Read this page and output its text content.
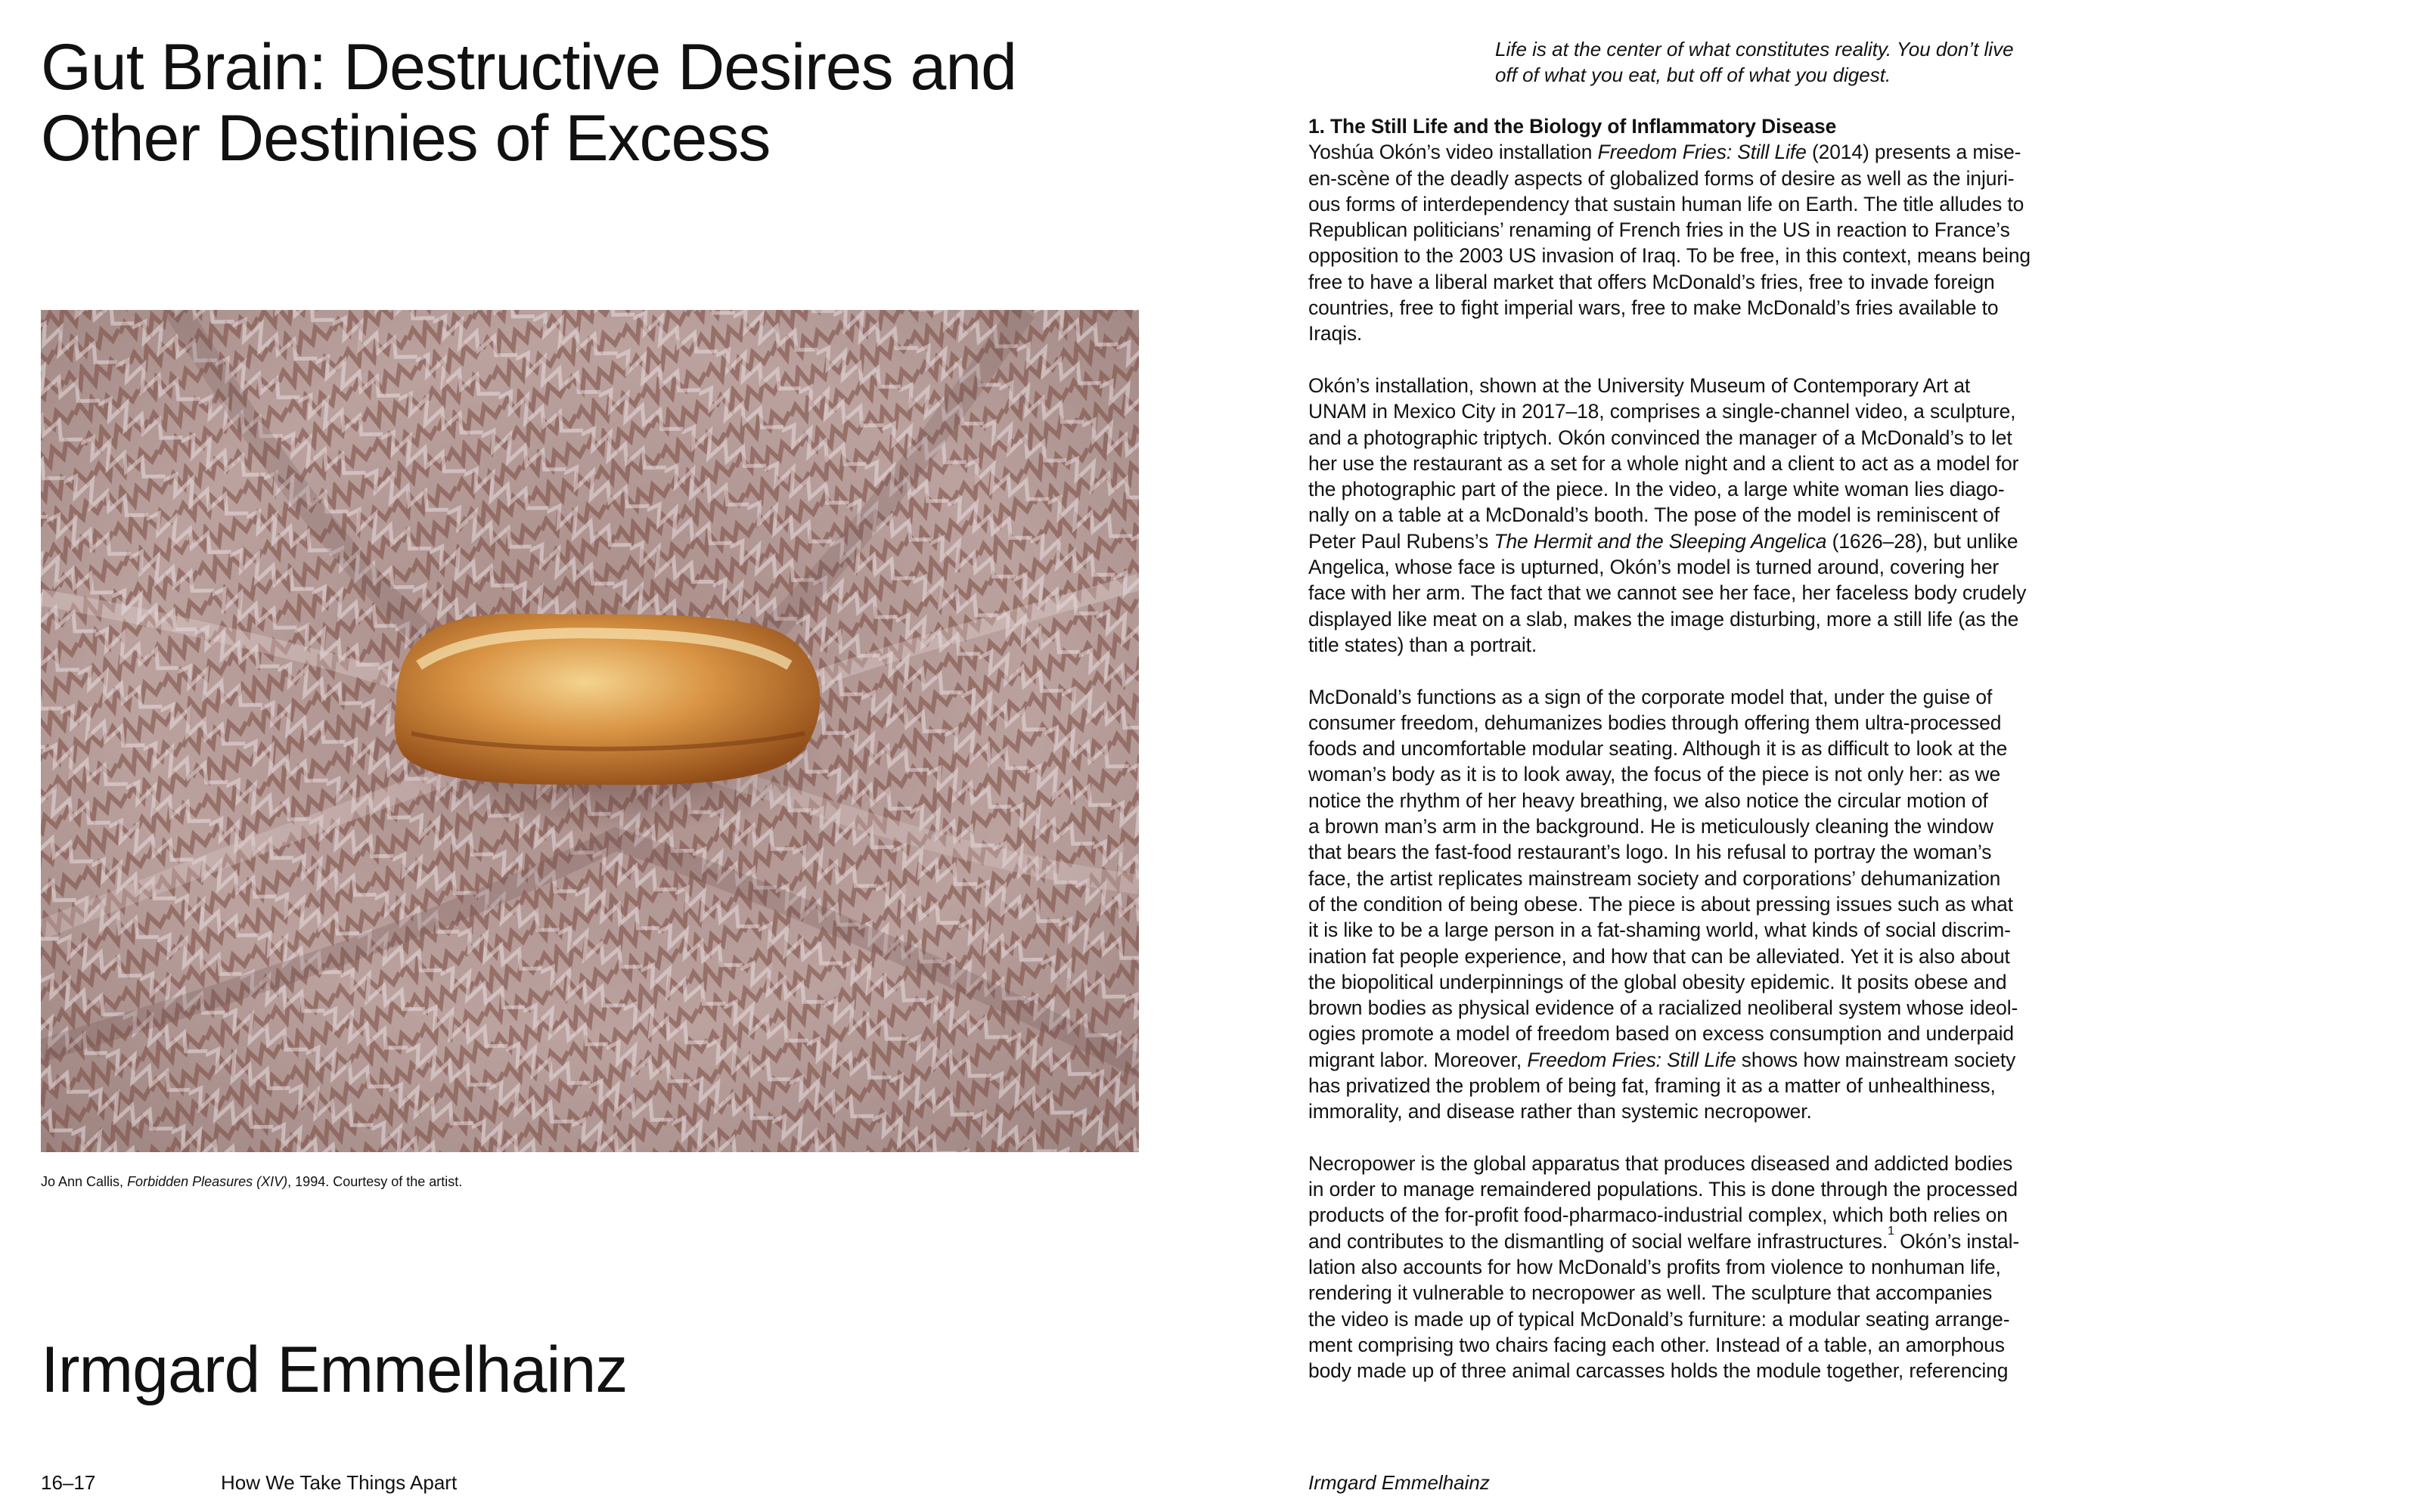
Gut Brain: Destructive Desires and
Other Destinies of Excess
Jo Ann Callis, Forbidden Pleasures (XIV), 1994. Courtesy of the artist.
Irmgard Emmelhainz
16–17	How We Take Things Apart
Life is at the center of what constitutes reality. You don’t live
off of what you eat, but off of what you digest.
1. The Still Life and the Biology of Inflammatory Disease

Yoshúa Okón’s video installation Freedom Fries: Still Life (2014) presents a mise-
en-scène of the deadly aspects of globalized forms of desire as well as the injuri-
ous forms of interdependency that sustain human life on Earth. The title alludes to
Republican politicians’ renaming of French fries in the US in reaction to France’s
opposition to the 2003 US invasion of Iraq. To be free, in this context, means being
free to have a liberal market that offers McDonald’s fries, free to invade foreign
countries, free to fight imperial wars, free to make McDonald’s fries available to
Iraqis.

Okón’s installation, shown at the University Museum of Contemporary Art at
UNAM in Mexico City in 2017–18, comprises a single-channel video, a sculpture,
and a photographic triptych. Okón convinced the manager of a McDonald’s to let
her use the restaurant as a set for a whole night and a client to act as a model for
the photographic part of the piece. In the video, a large white woman lies diago-
nally on a table at a McDonald’s booth. The pose of the model is reminiscent of
Peter Paul Rubens’s The Hermit and the Sleeping Angelica (1626–28), but unlike
Angelica, whose face is upturned, Okón’s model is turned around, covering her
face with her arm. The fact that we cannot see her face, her faceless body crudely
displayed like meat on a slab, makes the image disturbing, more a still life (as the
title states) than a portrait.

McDonald’s functions as a sign of the corporate model that, under the guise of
consumer freedom, dehumanizes bodies through offering them ultra-processed
foods and uncomfortable modular seating. Although it is as difficult to look at the
woman’s body as it is to look away, the focus of the piece is not only her: as we
notice the rhythm of her heavy breathing, we also notice the circular motion of
a brown man’s arm in the background. He is meticulously cleaning the window
that bears the fast-food restaurant’s logo. In his refusal to portray the woman’s
face, the artist replicates mainstream society and corporations’ dehumanization
of the condition of being obese. The piece is about pressing issues such as what
it is like to be a large person in a fat-shaming world, what kinds of social discrim-
ination fat people experience, and how that can be alleviated. Yet it is also about
the biopolitical underpinnings of the global obesity epidemic. It posits obese and
brown bodies as physical evidence of a racialized neoliberal system whose ideol-
ogies promote a model of freedom based on excess consumption and underpaid
migrant labor. Moreover, Freedom Fries: Still Life shows how mainstream society
has privatized the problem of being fat, framing it as a matter of unhealthiness,
immorality, and disease rather than systemic necropower.

Necropower is the global apparatus that produces diseased and addicted bodies
in order to manage remaindered populations. This is done through the processed
products of the for-profit food-pharmaco-industrial complex, which both relies on
and contributes to the dismantling of social welfare infrastructures.$^1$ Okón’s instal-
lation also accounts for how McDonald’s profits from violence to nonhuman life,
rendering it vulnerable to necropower as well. The sculpture that accompanies
the video is made up of typical McDonald’s furniture: a modular seating arrange-
ment comprising two chairs facing each other. Instead of a table, an amorphous
body made up of three animal carcasses holds the module together, referencing

Irmgard Emmelhainz
